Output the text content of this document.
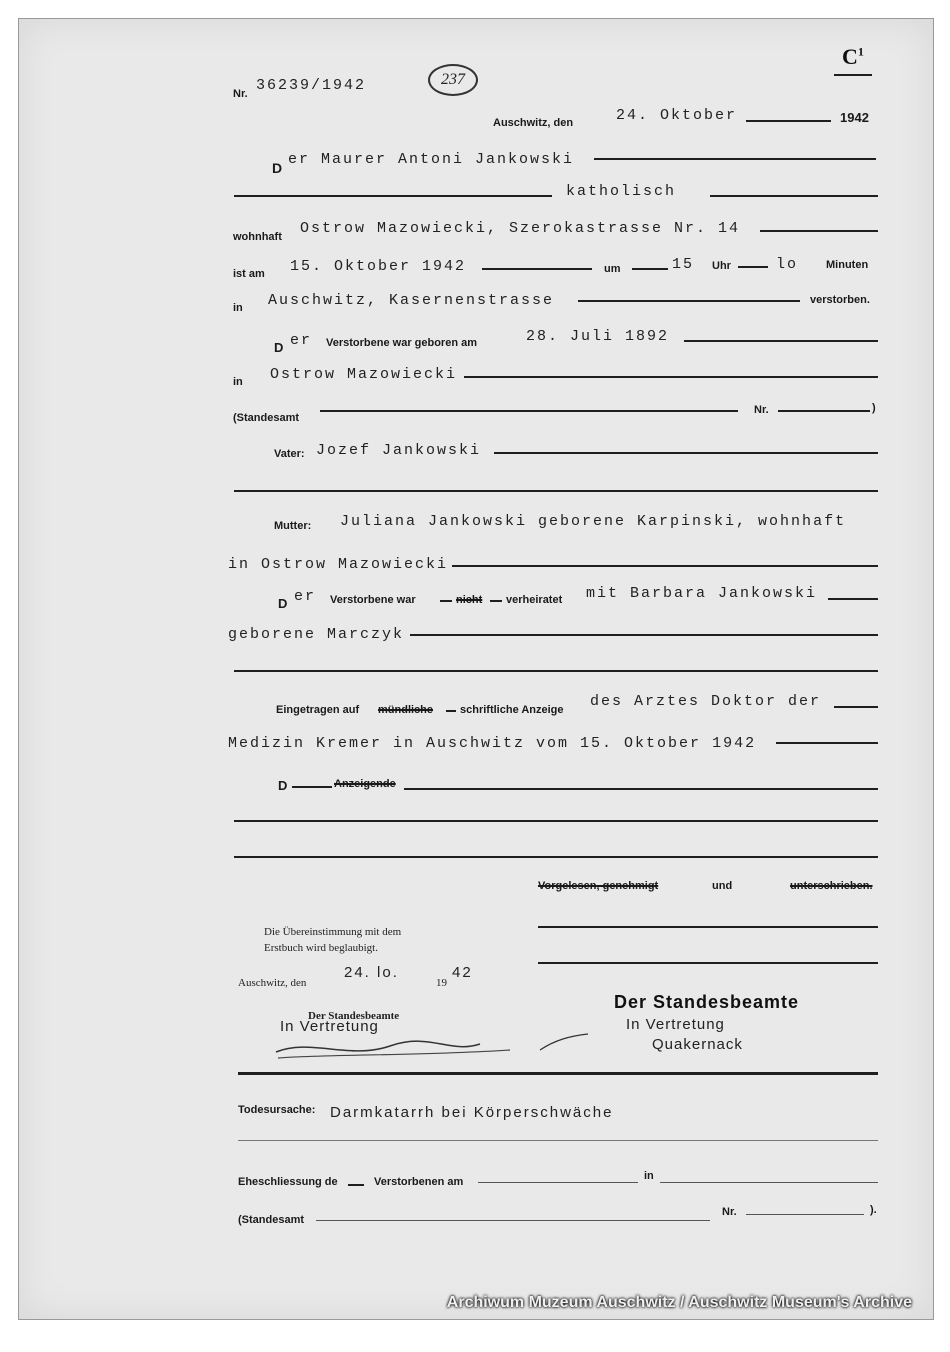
$C^1$
Nr. 36239/1942	237
Auschwitz, den	24. Oktober	1942
D er Maurer Antoni Jankowski
katholisch
wohnhaft Ostrow Mazowiecki, Szerokastrasse Nr. 14
ist am 15. Oktober 1942	um	15 Uhr	lo	Minuten
in Auschwitz, Kasernenstrasse	verstorben.
D er Verstorbene war geboren am	28. Juli 1892
in Ostrow Mazowiecki
(Standesamt
Nr.	)
Vater: Jozef Jankowski
Mutter: Juliana Jankowski geborene Karpinski, wohnhaft
in Ostrow Mazowiecki
D er Verstorbene war	nicht verheiratet mit Barbara Jankowski
geborene Marczyk
Eingetragen auf mündliche schriftliche Anzeige des Arztes Doktor der
Medizin Kremer in Auschwitz vom 15. Oktober 1942
D	Anzeigende
Vorgelesen, genehmigt	und	unterschrieben.
Die Übereinstimmung mit dem
Erstbuch wird beglaubigt.
Auschwitz, den
24. lo.
19
42
Der Standesbeamte
In Vertretung
Der Standesbeamte
In Vertretung
Quakernack
Todesursache: Darmkatarrh bei Körperschwäche
Eheschliessung de	Verstorbenen am	in
(Standesamt
Nr.	).
Archiwum Muzeum Auschwitz / Auschwitz Museum's Archive
